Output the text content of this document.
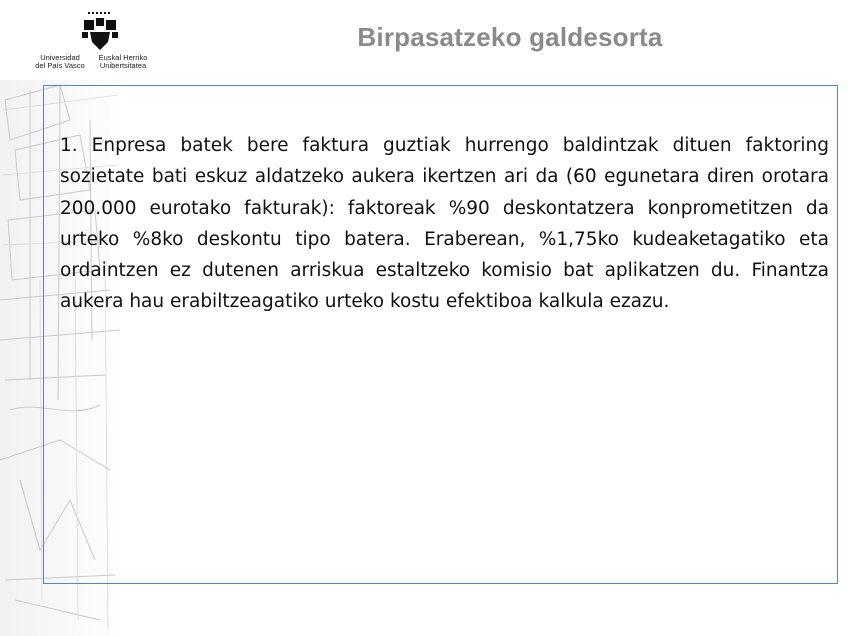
Universidad
del País Vasco
Euskal Herriko
Unibertsitatea
Birpasatzeko galdesorta

1. Enpresa batek bere faktura guztiak hurrengo baldintzak dituen faktoring sozietate bati eskuz aldatzeko aukera ikertzen ari da (60 egunetara diren orotara 200.000 eurotako fakturak): faktoreak %90 deskontatzera konprometitzen da urteko %8ko deskontu tipo batera. Eraberean, %1,75ko kudeaketagatiko eta ordaintzen ez dutenen arriskua estaltzeko komisio bat aplikatzen du. Finantza aukera hau erabiltzeagatiko urteko kostu efektiboa kalkula ezazu.
